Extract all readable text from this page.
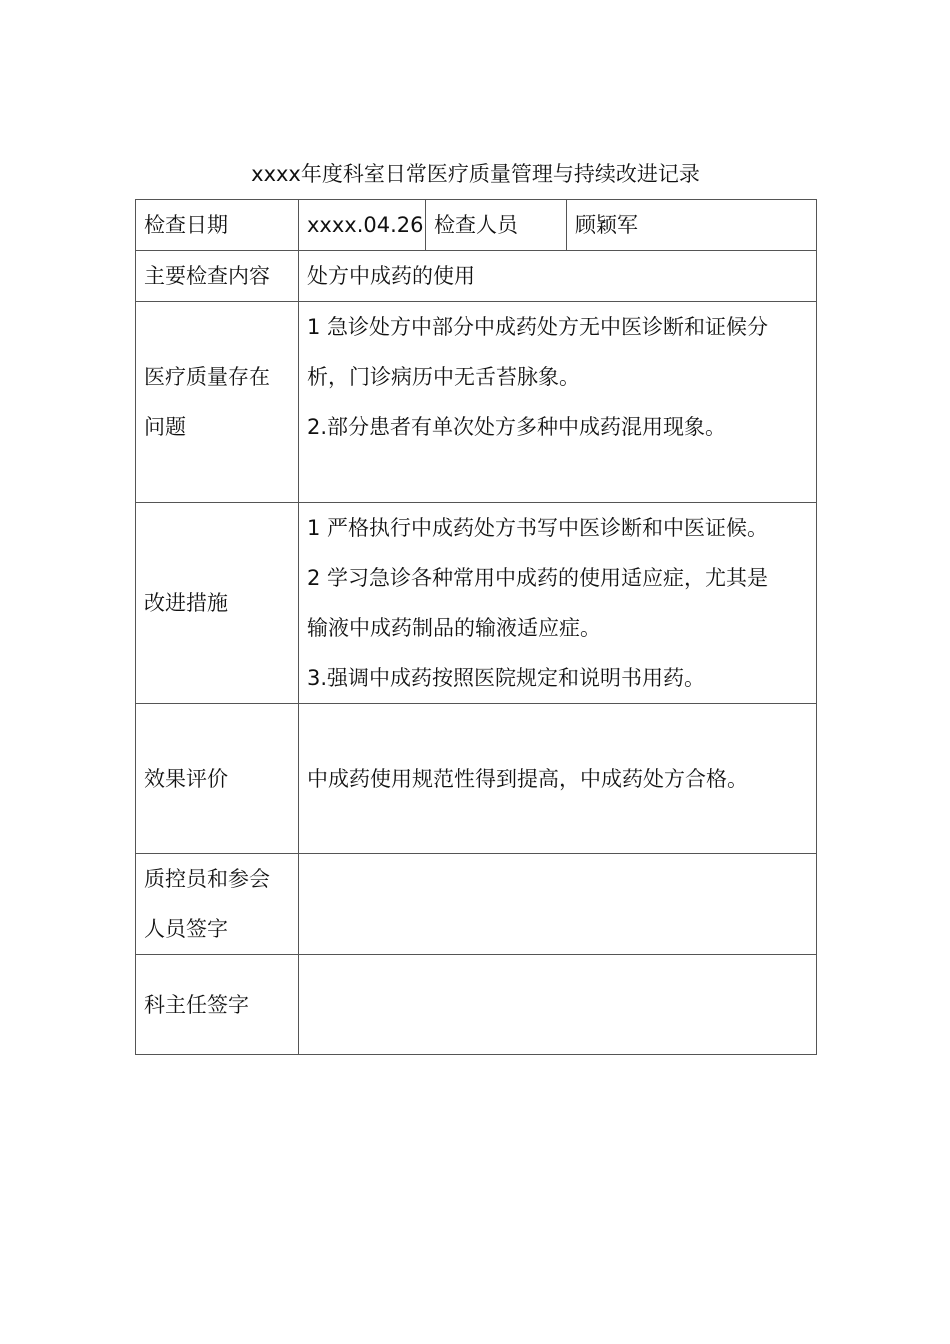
xxxx年度科室日常医疗质量管理与持续改进记录
检查日期	xxxx.04.26	检查人员	顾颖军
主要检查内容	处方中成药的使用		
医疗质量存在问题	1 急诊处方中部分中成药处方无中医诊断和证候分
析，门诊病历中无舌苔脉象。
2.部分患者有单次处方多种中成药混用现象。		

改进措施	1 严格执行中成药处方书写中医诊断和中医证候。
2 学习急诊各种常用中成药的使用适应症，尤其是
输液中成药制品的输液适应症。
3.强调中成药按照医院规定和说明书用药。		

效果评价	中成药使用规范性得到提高，中成药处方合格。		
质控员和参会人员签字			
科主任签字			
